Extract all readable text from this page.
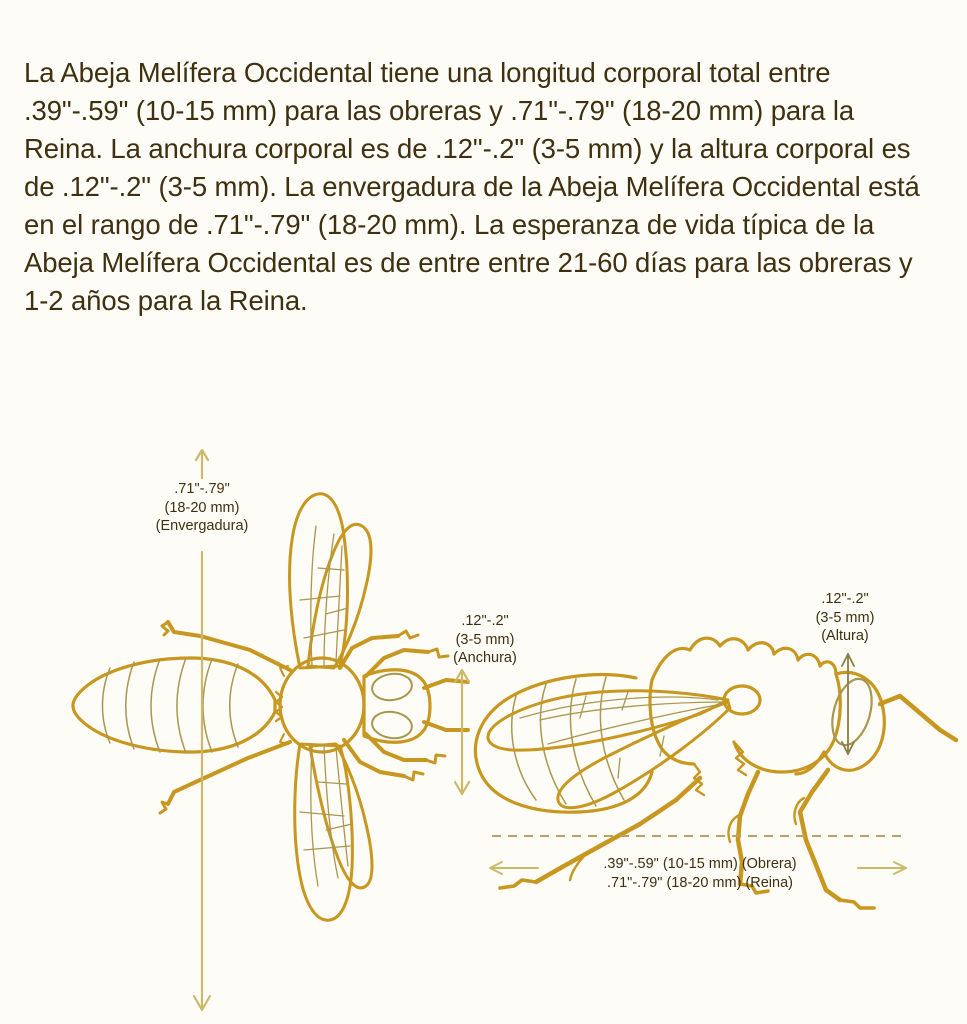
La Abeja Melífera Occidental tiene una longitud corporal total entre .39"-.59" (10-15 mm) para las obreras y .71"-.79" (18-20 mm) para la Reina. La anchura corporal es de .12"-.2" (3-5 mm) y la altura corporal es de .12"-.2" (3-5 mm). La envergadura de la Abeja Melífera Occidental está en el rango de .71"-.79" (18-20 mm). La esperanza de vida típica de la Abeja Melífera Occidental es de entre entre 21-60 días para las obreras y 1-2 años para la Reina.

.71"-.79"
(18-20 mm)
(Envergadura)
.12"-.2"
(3-5 mm)
(Anchura)
.12"-.2"
(3-5 mm)
(Altura)
.39"-.59" (10-15 mm) (Obrera)
.71"-.79" (18-20 mm) (Reina)
